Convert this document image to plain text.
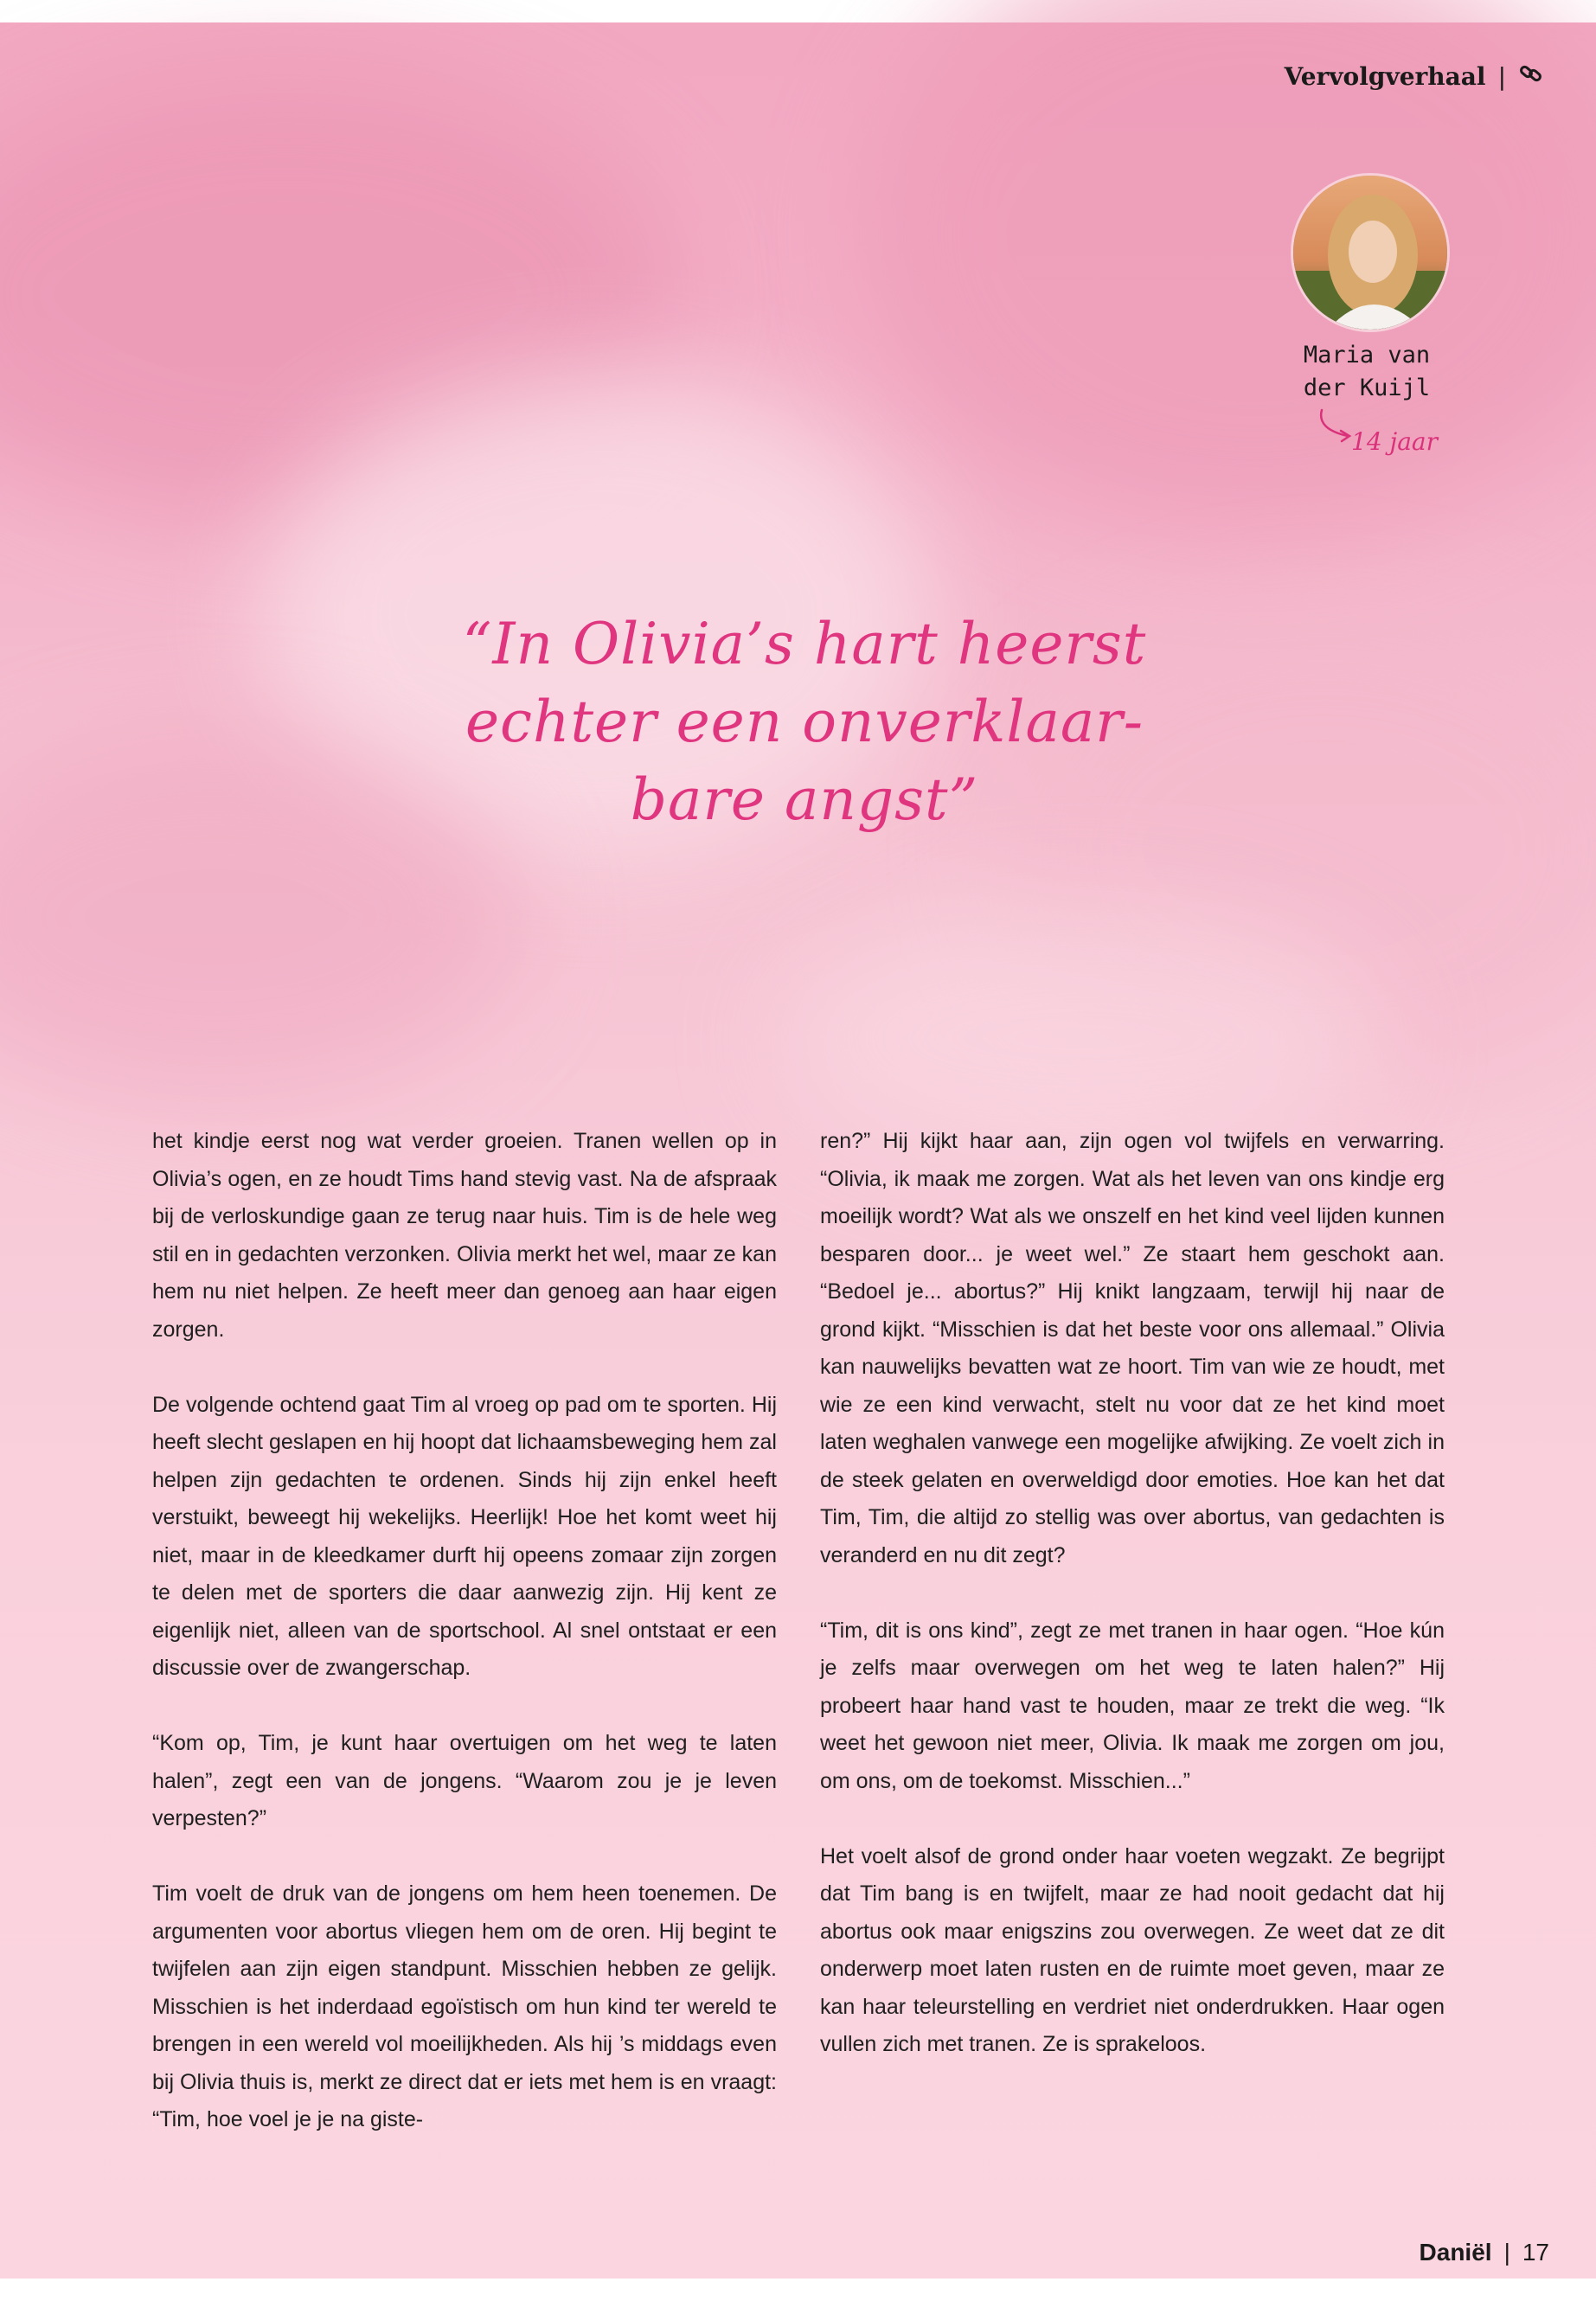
Vervolgverhaal |
Maria van
der Kuijl
14 jaar
“In Olivia’s hart heerst
echter een onverklaar-
bare angst”

het kindje eerst nog wat verder groeien. Tranen wellen op in Olivia’s ogen, en ze houdt Tims hand stevig vast. Na de afspraak bij de verloskundige gaan ze terug naar huis. Tim is de hele weg stil en in gedachten verzonken. Olivia merkt het wel, maar ze kan hem nu niet helpen. Ze heeft meer dan genoeg aan haar eigen zorgen.

De volgende ochtend gaat Tim al vroeg op pad om te sporten. Hij heeft slecht geslapen en hij hoopt dat lichaamsbeweging hem zal helpen zijn gedachten te ordenen. Sinds hij zijn enkel heeft verstuikt, beweegt hij wekelijks. Heerlijk! Hoe het komt weet hij niet, maar in de kleedkamer durft hij opeens zomaar zijn zorgen te delen met de sporters die daar aanwezig zijn. Hij kent ze eigenlijk niet, alleen van de sportschool. Al snel ontstaat er een discussie over de zwangerschap.

“Kom op, Tim, je kunt haar overtuigen om het weg te laten halen”, zegt een van de jongens. “Waarom zou je je leven verpesten?”

Tim voelt de druk van de jongens om hem heen toenemen. De argumenten voor abortus vliegen hem om de oren. Hij begint te twijfelen aan zijn eigen standpunt. Misschien hebben ze gelijk. Misschien is het inderdaad egoïstisch om hun kind ter wereld te brengen in een wereld vol moeilijkheden. Als hij ’s middags even bij Olivia thuis is, merkt ze direct dat er iets met hem is en vraagt: “Tim, hoe voel je je na giste-

ren?” Hij kijkt haar aan, zijn ogen vol twijfels en verwarring. “Olivia, ik maak me zorgen. Wat als het leven van ons kindje erg moeilijk wordt? Wat als we onszelf en het kind veel lijden kunnen besparen door... je weet wel.” Ze staart hem geschokt aan. “Bedoel je... abortus?” Hij knikt langzaam, terwijl hij naar de grond kijkt. “Misschien is dat het beste voor ons allemaal.” Olivia kan nauwelijks bevatten wat ze hoort. Tim van wie ze houdt, met wie ze een kind verwacht, stelt nu voor dat ze het kind moet laten weghalen vanwege een mogelijke afwijking. Ze voelt zich in de steek gelaten en overweldigd door emoties. Hoe kan het dat Tim, Tim, die altijd zo stellig was over abortus, van gedachten is veranderd en nu dit zegt?

“Tim, dit is ons kind”, zegt ze met tranen in haar ogen. “Hoe kún je zelfs maar overwegen om het weg te laten halen?” Hij probeert haar hand vast te houden, maar ze trekt die weg. “Ik weet het gewoon niet meer, Olivia. Ik maak me zorgen om jou, om ons, om de toekomst. Misschien...”

Het voelt alsof de grond onder haar voeten wegzakt. Ze begrijpt dat Tim bang is en twijfelt, maar ze had nooit gedacht dat hij abortus ook maar enigszins zou overwegen. Ze weet dat ze dit onderwerp moet laten rusten en de ruimte moet geven, maar ze kan haar teleurstelling en verdriet niet onderdrukken. Haar ogen vullen zich met tranen. Ze is sprakeloos.

Daniël | 17
